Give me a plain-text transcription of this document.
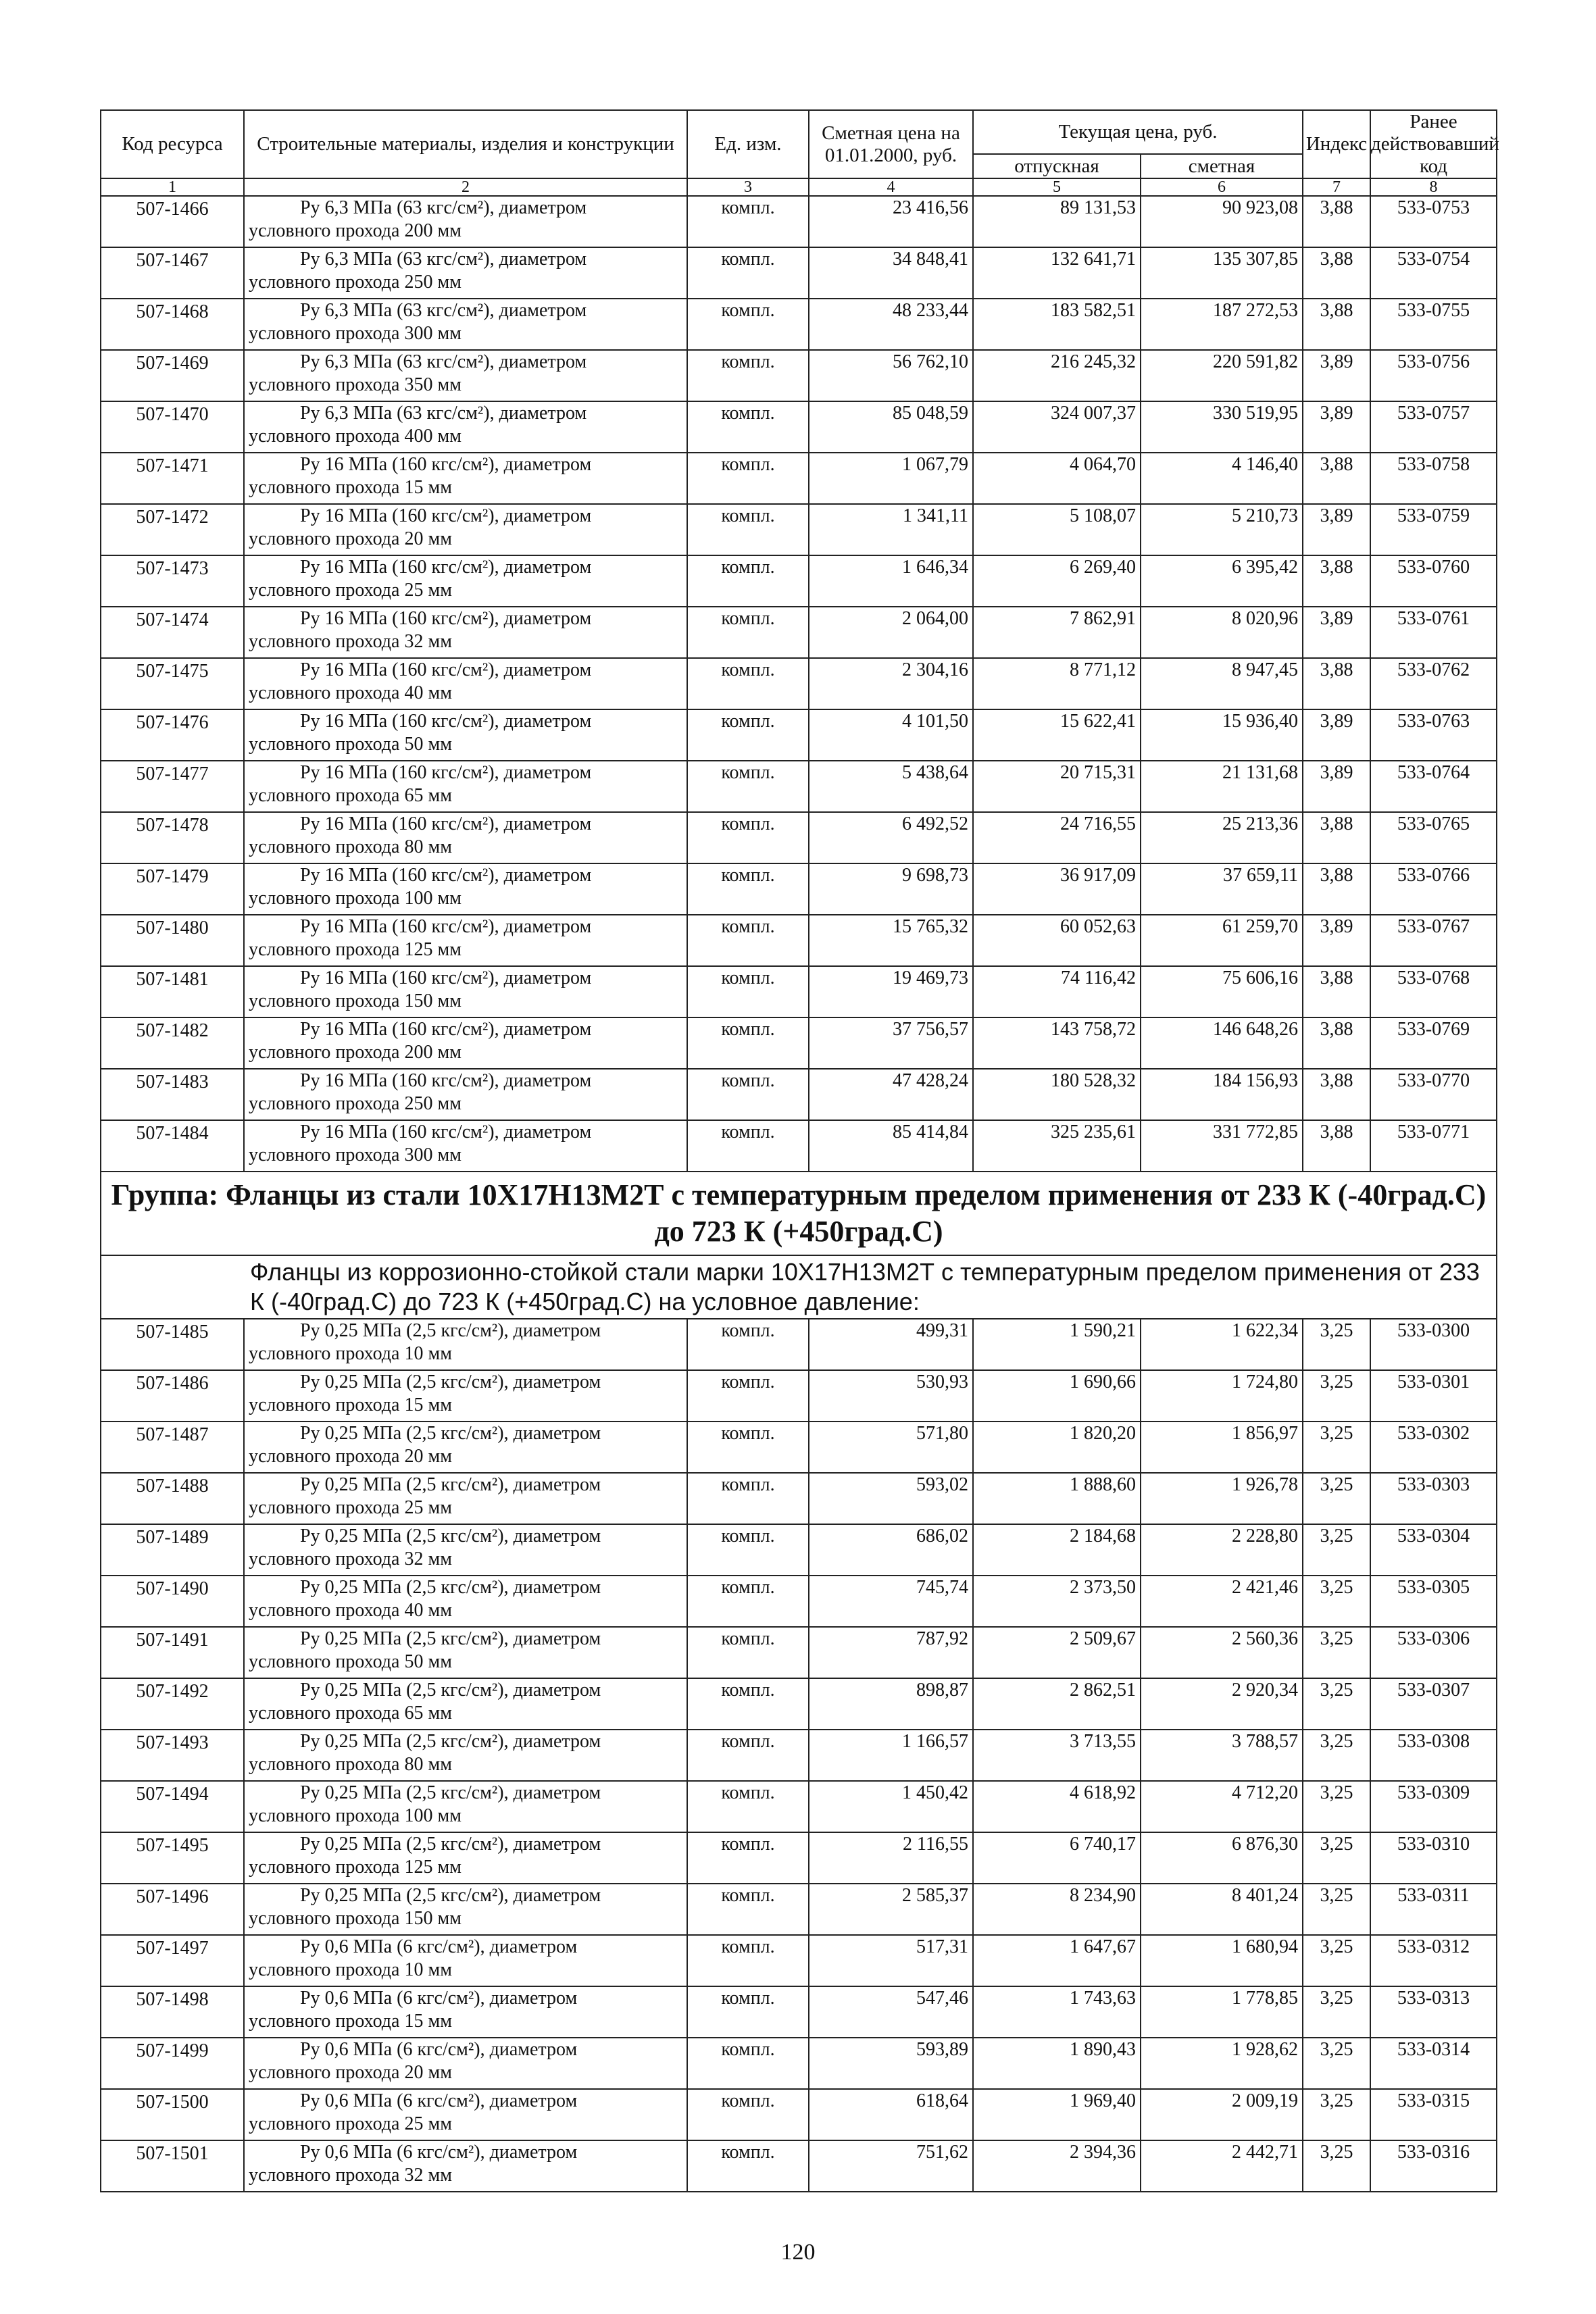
Код ресурса	Строительные материалы, изделия и конструкции	Ед. изм.	Сметная цена на 01.01.2000, руб.	Текущая цена, руб.		Индекс	Ранее действовавший код
				отпускная	сметная		
1	2	3	4	5	6	7	8
507-1466	Ру 6,3 МПа (63 кгс/см²), диаметром
условного прохода 200 мм	компл.	23 416,56	89 131,53	90 923,08	3,88	533-0753
507-1467	Ру 6,3 МПа (63 кгс/см²), диаметром
условного прохода 250 мм	компл.	34 848,41	132 641,71	135 307,85	3,88	533-0754
507-1468	Ру 6,3 МПа (63 кгс/см²), диаметром
условного прохода 300 мм	компл.	48 233,44	183 582,51	187 272,53	3,88	533-0755
507-1469	Ру 6,3 МПа (63 кгс/см²), диаметром
условного прохода 350 мм	компл.	56 762,10	216 245,32	220 591,82	3,89	533-0756
507-1470	Ру 6,3 МПа (63 кгс/см²), диаметром
условного прохода 400 мм	компл.	85 048,59	324 007,37	330 519,95	3,89	533-0757
507-1471	Ру 16 МПа (160 кгс/см²), диаметром
условного прохода 15 мм	компл.	1 067,79	4 064,70	4 146,40	3,88	533-0758
507-1472	Ру 16 МПа (160 кгс/см²), диаметром
условного прохода 20 мм	компл.	1 341,11	5 108,07	5 210,73	3,89	533-0759
507-1473	Ру 16 МПа (160 кгс/см²), диаметром
условного прохода 25 мм	компл.	1 646,34	6 269,40	6 395,42	3,88	533-0760
507-1474	Ру 16 МПа (160 кгс/см²), диаметром
условного прохода 32 мм	компл.	2 064,00	7 862,91	8 020,96	3,89	533-0761
507-1475	Ру 16 МПа (160 кгс/см²), диаметром
условного прохода 40 мм	компл.	2 304,16	8 771,12	8 947,45	3,88	533-0762
507-1476	Ру 16 МПа (160 кгс/см²), диаметром
условного прохода 50 мм	компл.	4 101,50	15 622,41	15 936,40	3,89	533-0763
507-1477	Ру 16 МПа (160 кгс/см²), диаметром
условного прохода 65 мм	компл.	5 438,64	20 715,31	21 131,68	3,89	533-0764
507-1478	Ру 16 МПа (160 кгс/см²), диаметром
условного прохода 80 мм	компл.	6 492,52	24 716,55	25 213,36	3,88	533-0765
507-1479	Ру 16 МПа (160 кгс/см²), диаметром
условного прохода 100 мм	компл.	9 698,73	36 917,09	37 659,11	3,88	533-0766
507-1480	Ру 16 МПа (160 кгс/см²), диаметром
условного прохода 125 мм	компл.	15 765,32	60 052,63	61 259,70	3,89	533-0767
507-1481	Ру 16 МПа (160 кгс/см²), диаметром
условного прохода 150 мм	компл.	19 469,73	74 116,42	75 606,16	3,88	533-0768
507-1482	Ру 16 МПа (160 кгс/см²), диаметром
условного прохода 200 мм	компл.	37 756,57	143 758,72	146 648,26	3,88	533-0769
507-1483	Ру 16 МПа (160 кгс/см²), диаметром
условного прохода 250 мм	компл.	47 428,24	180 528,32	184 156,93	3,88	533-0770
507-1484	Ру 16 МПа (160 кгс/см²), диаметром
условного прохода 300 мм	компл.	85 414,84	325 235,61	331 772,85	3,88	533-0771
Группа: Фланцы из стали 10Х17Н13М2Т с температурным пределом применения от 233 К (-40град.С) до 723 К (+450град.С)							
Фланцы из коррозионно-стойкой стали марки 10Х17Н13М2Т с температурным пределом применения от 233 К (-40град.С) до 723 К (+450град.С) на условное давление:							
507-1485	Ру 0,25 МПа (2,5 кгс/см²), диаметром
условного прохода 10 мм	компл.	499,31	1 590,21	1 622,34	3,25	533-0300
507-1486	Ру 0,25 МПа (2,5 кгс/см²), диаметром
условного прохода 15 мм	компл.	530,93	1 690,66	1 724,80	3,25	533-0301
507-1487	Ру 0,25 МПа (2,5 кгс/см²), диаметром
условного прохода 20 мм	компл.	571,80	1 820,20	1 856,97	3,25	533-0302
507-1488	Ру 0,25 МПа (2,5 кгс/см²), диаметром
условного прохода 25 мм	компл.	593,02	1 888,60	1 926,78	3,25	533-0303
507-1489	Ру 0,25 МПа (2,5 кгс/см²), диаметром
условного прохода 32 мм	компл.	686,02	2 184,68	2 228,80	3,25	533-0304
507-1490	Ру 0,25 МПа (2,5 кгс/см²), диаметром
условного прохода 40 мм	компл.	745,74	2 373,50	2 421,46	3,25	533-0305
507-1491	Ру 0,25 МПа (2,5 кгс/см²), диаметром
условного прохода 50 мм	компл.	787,92	2 509,67	2 560,36	3,25	533-0306
507-1492	Ру 0,25 МПа (2,5 кгс/см²), диаметром
условного прохода 65 мм	компл.	898,87	2 862,51	2 920,34	3,25	533-0307
507-1493	Ру 0,25 МПа (2,5 кгс/см²), диаметром
условного прохода 80 мм	компл.	1 166,57	3 713,55	3 788,57	3,25	533-0308
507-1494	Ру 0,25 МПа (2,5 кгс/см²), диаметром
условного прохода 100 мм	компл.	1 450,42	4 618,92	4 712,20	3,25	533-0309
507-1495	Ру 0,25 МПа (2,5 кгс/см²), диаметром
условного прохода 125 мм	компл.	2 116,55	6 740,17	6 876,30	3,25	533-0310
507-1496	Ру 0,25 МПа (2,5 кгс/см²), диаметром
условного прохода 150 мм	компл.	2 585,37	8 234,90	8 401,24	3,25	533-0311
507-1497	Ру 0,6 МПа (6 кгс/см²), диаметром
условного прохода 10 мм	компл.	517,31	1 647,67	1 680,94	3,25	533-0312
507-1498	Ру 0,6 МПа (6 кгс/см²), диаметром
условного прохода 15 мм	компл.	547,46	1 743,63	1 778,85	3,25	533-0313
507-1499	Ру 0,6 МПа (6 кгс/см²), диаметром
условного прохода 20 мм	компл.	593,89	1 890,43	1 928,62	3,25	533-0314
507-1500	Ру 0,6 МПа (6 кгс/см²), диаметром
условного прохода 25 мм	компл.	618,64	1 969,40	2 009,19	3,25	533-0315
507-1501	Ру 0,6 МПа (6 кгс/см²), диаметром
условного прохода 32 мм	компл.	751,62	2 394,36	2 442,71	3,25	533-0316
120
